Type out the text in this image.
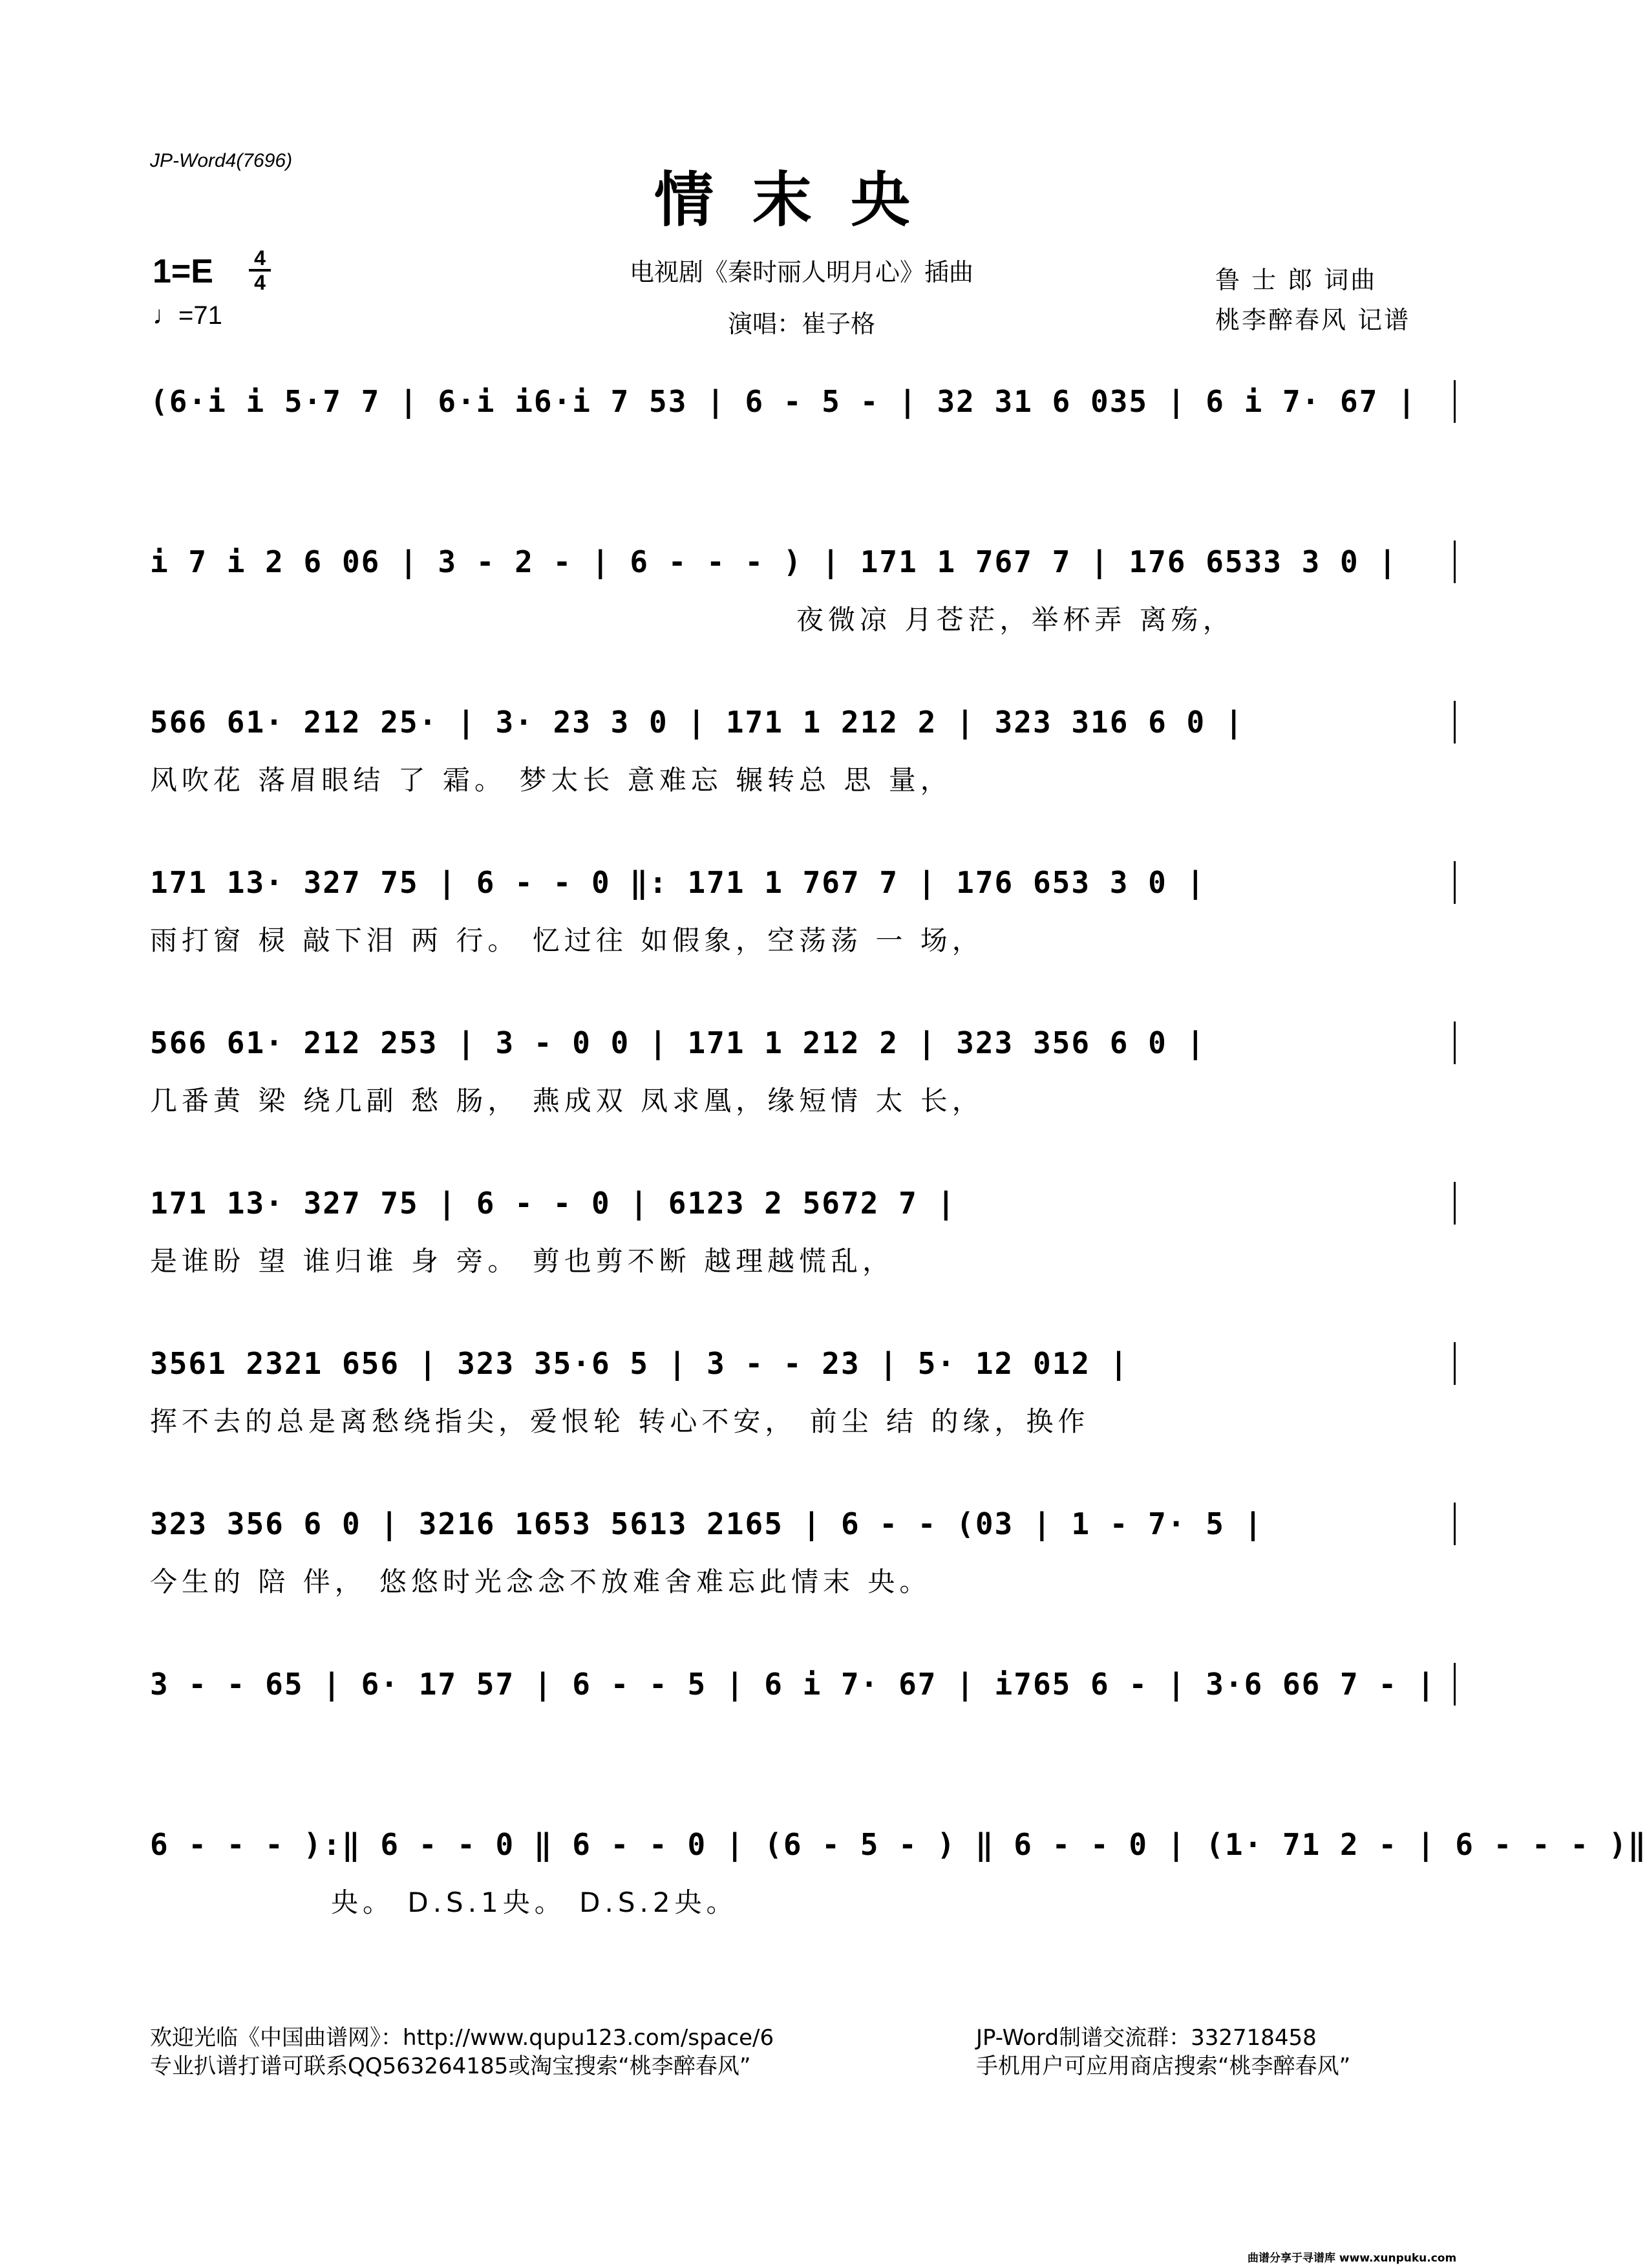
JP-Word4(7696)
情末央
电视剧《秦时丽人明月心》插曲
演唱：崔子格
1=E 4
4
♩=71
鲁 士 郎 词曲
桃李醉春风 记谱
(6·i i 5·7 7 | 6·i i6·i 7 53 | 6 - 5 - | 32 31 6 035 | 6 i 7· 67 |
i 7 i 2 6 06 | 3 - 2 - | 6 - - - ) | 171 1 767 7 | 176 6533 3 0 |
夜微凉 月苍茫，举杯弄 离殇，
566 61· 212 25· | 3· 23 3 0 | 171 1 212 2 | 323 316 6 0 |
风吹花 落眉眼结 了 霜。 梦太长 意难忘 辗转总 思 量，
171 13· 327 75 | 6 - - 0 ‖: 171 1 767 7 | 176 653 3 0 |
雨打窗 棂 敲下泪 两 行。 忆过往 如假象，空荡荡 一 场，
566 61· 212 253 | 3 - 0 0 | 171 1 212 2 | 323 356 6 0 |
几番黄 梁 绕几副 愁 肠， 燕成双 凤求凰，缘短情 太 长，
171 13· 327 75 | 6 - - 0 | 6123 2 5672 7 |
是谁盼 望 谁归谁 身 旁。 剪也剪不断 越理越慌乱，
3561 2321 656 | 323 35·6 5 | 3 - - 23 | 5· 12 012 |
挥不去的总是离愁绕指尖，爱恨轮 转心不安， 前尘 结 的缘，换作
323 356 6 0 | 3216 1653 5613 2165 | 6 - - (03 | 1 - 7· 5 |
今生的 陪 伴， 悠悠时光念念不放难舍难忘此情末 央。
3 - - 65 | 6· 17 57 | 6 - - 5 | 6 i 7· 67 | i765 6 - | 3·6 66 7 - |
6 - - - ):‖ 6 - - 0 ‖ 6 - - 0 | (6 - 5 - ) ‖ 6 - - 0 | (1· 71 2 - | 6 - - - )‖
央。 D.S.1央。 D.S.2央。
欢迎光临《中国曲谱网》：http://www.qupu123.com/space/6
专业扒谱打谱可联系QQ563264185或淘宝搜索“桃李醉春风”
JP-Word制谱交流群：332718458
手机用户可应用商店搜索“桃李醉春风”
曲谱分享于寻谱库 www.xunpuku.com
